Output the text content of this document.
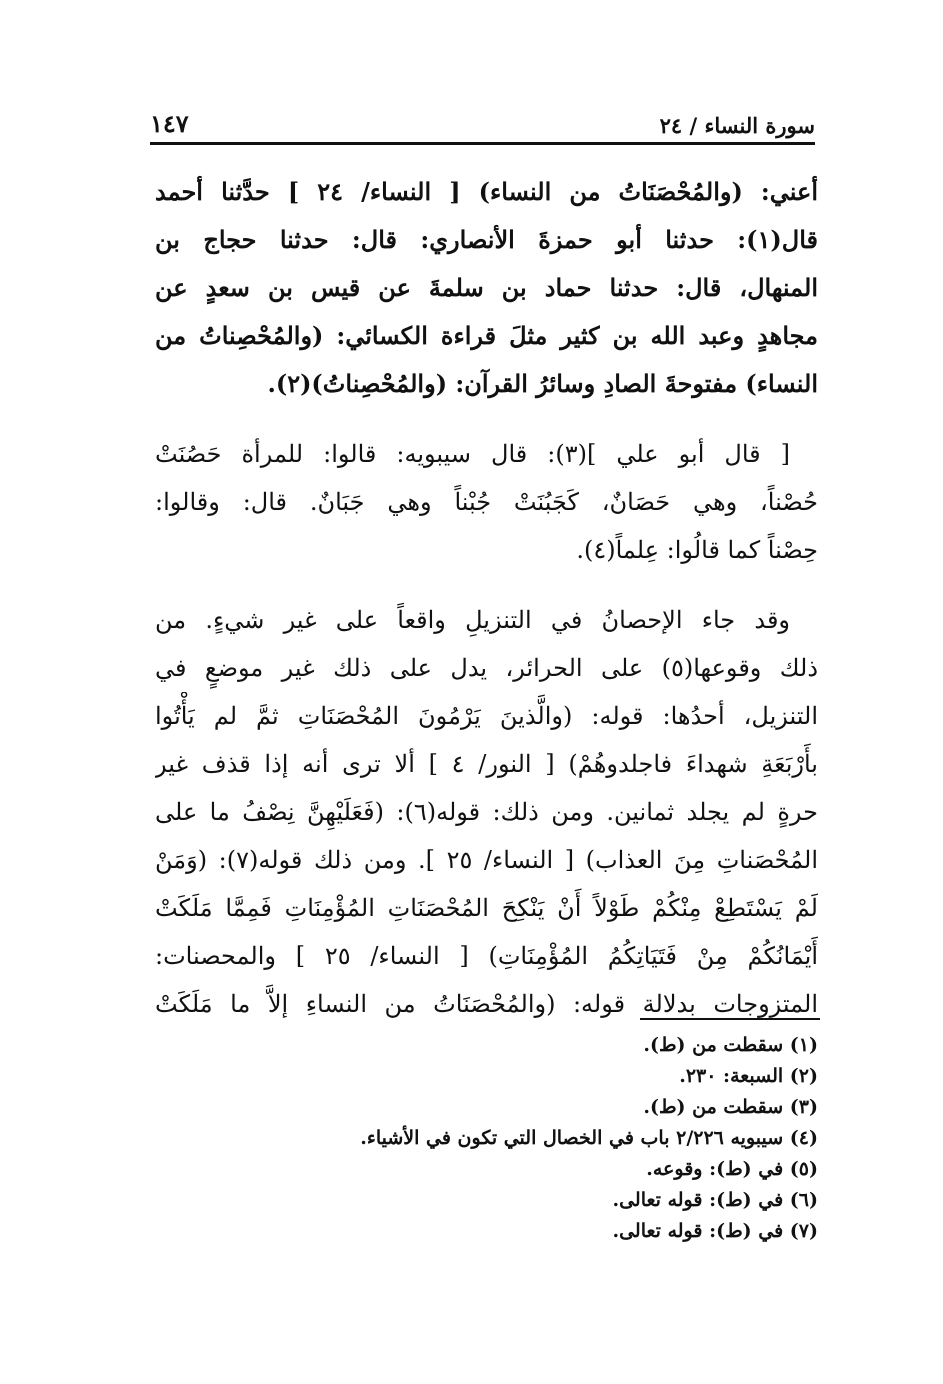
سورة النساء / ٢٤
١٤٧
أعني: (والمُحْصَنَاتُ من النساء) [ النساء/ ٢٤ ] حدَّثنا أحمد
قال(١): حدثنا أبو حمزةَ الأنصاري: قال: حدثنا حجاج بن
المنهال، قال: حدثنا حماد بن سلمةَ عن قيس بن سعدٍ عن
مجاهدٍ وعبد الله بن كثير مثلَ قراءة الكسائي: (والمُحْصِناتُ من
النساء) مفتوحةَ الصادِ وسائرُ القرآن: (والمُحْصِناتُ)(٢).
[ قال أبو علي ](٣): قال سيبويه: قالوا: للمرأة حَصُنَتْ
حُصْناً، وهي حَصَانٌ، كَجَبُنَتْ جُبْناً وهي جَبَانٌ. قال: وقالوا:
حِصْناً كما قالُوا: عِلماً(٤).
وقد جاء الإحصانُ في التنزيلِ واقعاً على غير شيءٍ. من
ذلك وقوعها(٥) على الحرائر، يدل على ذلك غير موضعٍ في
التنزيل، أحدُها: قوله: (والَّذينَ يَرْمُونَ المُحْصَنَاتِ ثمَّ لم يَأْتُوا
بأَرْبَعَةِ شهداءَ فاجلدوهُمْ) [ النور/ ٤ ] ألا ترى أنه إذا قذف غير
حرةٍ لم يجلد ثمانين. ومن ذلك: قوله(٦): (فَعَلَيْهِنَّ نِصْفُ ما على
المُحْصَناتِ مِنَ العذاب) [ النساء/ ٢٥ ]. ومن ذلك قوله(٧): (وَمَنْ
لَمْ يَسْتَطِعْ مِنْكُمْ طَوْلاً أَنْ يَنْكِحَ المُحْصَنَاتِ المُؤْمِنَاتِ فَمِمَّا مَلَكَتْ
أَيْمَانُكُمْ مِنْ فَتَيَاتِكُمُ المُؤْمِنَاتِ) [ النساء/ ٢٥ ] والمحصنات:
المتزوجات بدلالة قوله: (والمُحْصَنَاتُ من النساءِ إلاَّ ما مَلَكَتْ
(١) سقطت من (ط).
(٢) السبعة: ٢٣٠.
(٣) سقطت من (ط).
(٤) سيبويه ٢/٢٢٦ باب في الخصال التي تكون في الأشياء.
(٥) في (ط): وقوعه.
(٦) في (ط): قوله تعالى.
(٧) في (ط): قوله تعالى.
